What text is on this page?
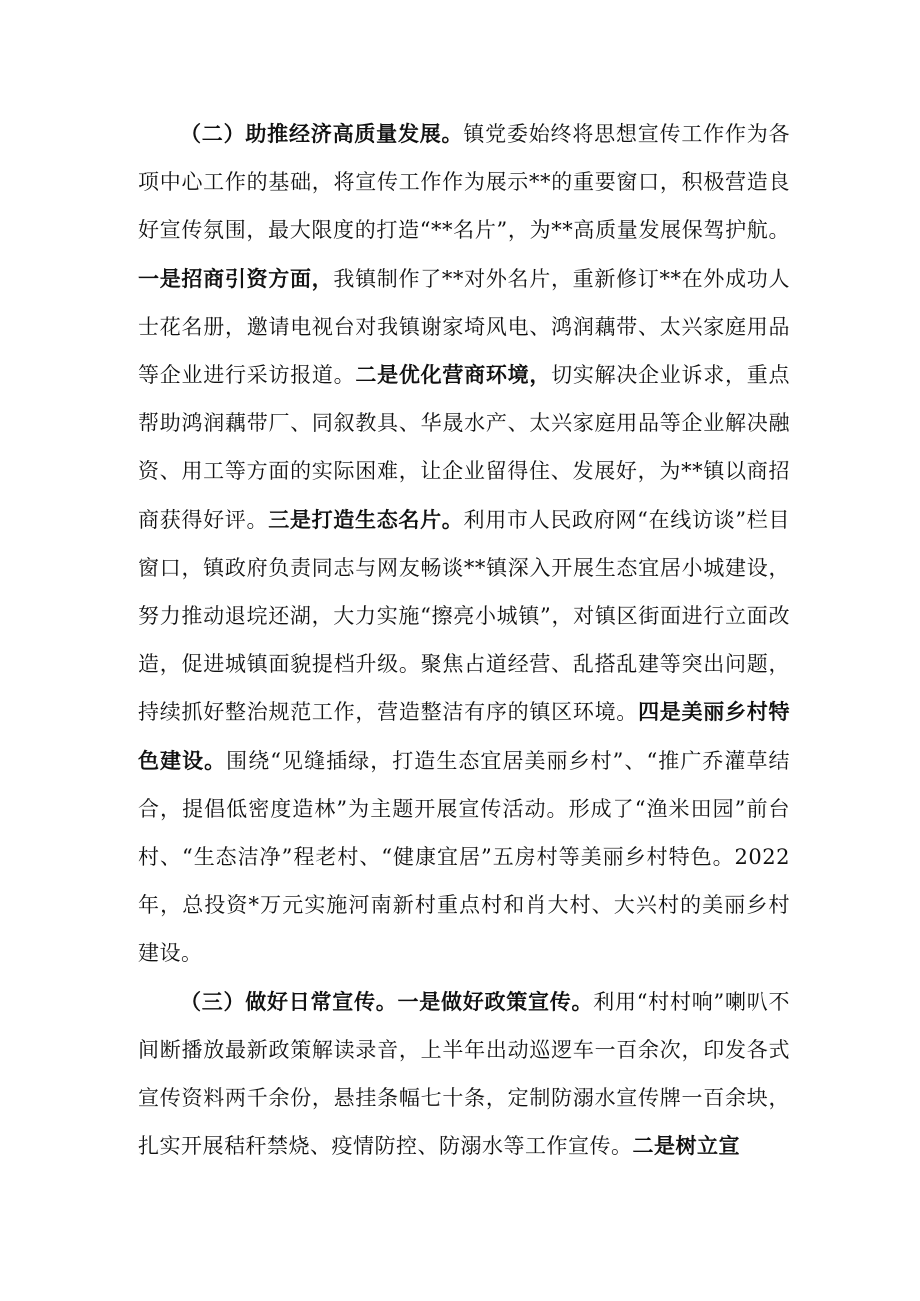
（二）助推经济高质量发展。镇党委始终将思想宣传工作作为各项中心工作的基础，将宣传工作作为展示**的重要窗口，积极营造良好宣传氛围，最大限度的打造“**名片”，为**高质量发展保驾护航。一是招商引资方面，我镇制作了**对外名片，重新修订**在外成功人士花名册，邀请电视台对我镇谢家埼风电、鸿润藕带、太兴家庭用品等企业进行采访报道。二是优化营商环境，切实解决企业诉求，重点帮助鸿润藕带厂、同叙教具、华晟水产、太兴家庭用品等企业解决融资、用工等方面的实际困难，让企业留得住、发展好，为**镇以商招商获得好评。三是打造生态名片。利用市人民政府网“在线访谈”栏目窗口，镇政府负责同志与网友畅谈**镇深入开展生态宜居小城建设，努力推动退垸还湖，大力实施“擦亮小城镇”，对镇区街面进行立面改造，促进城镇面貌提档升级。聚焦占道经营、乱搭乱建等突出问题，持续抓好整治规范工作，营造整洁有序的镇区环境。四是美丽乡村特色建设。围绕“见缝插绿，打造生态宜居美丽乡村”、“推广乔灌草结合，提倡低密度造林”为主题开展宣传活动。形成了“渔米田园”前台村、“生态洁净”程老村、“健康宜居”五房村等美丽乡村特色。2022年，总投资*万元实施河南新村重点村和肖大村、大兴村的美丽乡村建设。

（三）做好日常宣传。一是做好政策宣传。利用“村村响”喇叭不间断播放最新政策解读录音，上半年出动巡逻车一百余次，印发各式宣传资料两千余份，悬挂条幅七十条，定制防溺水宣传牌一百余块，扎实开展秸秆禁烧、疫情防控、防溺水等工作宣传。二是树立宣
